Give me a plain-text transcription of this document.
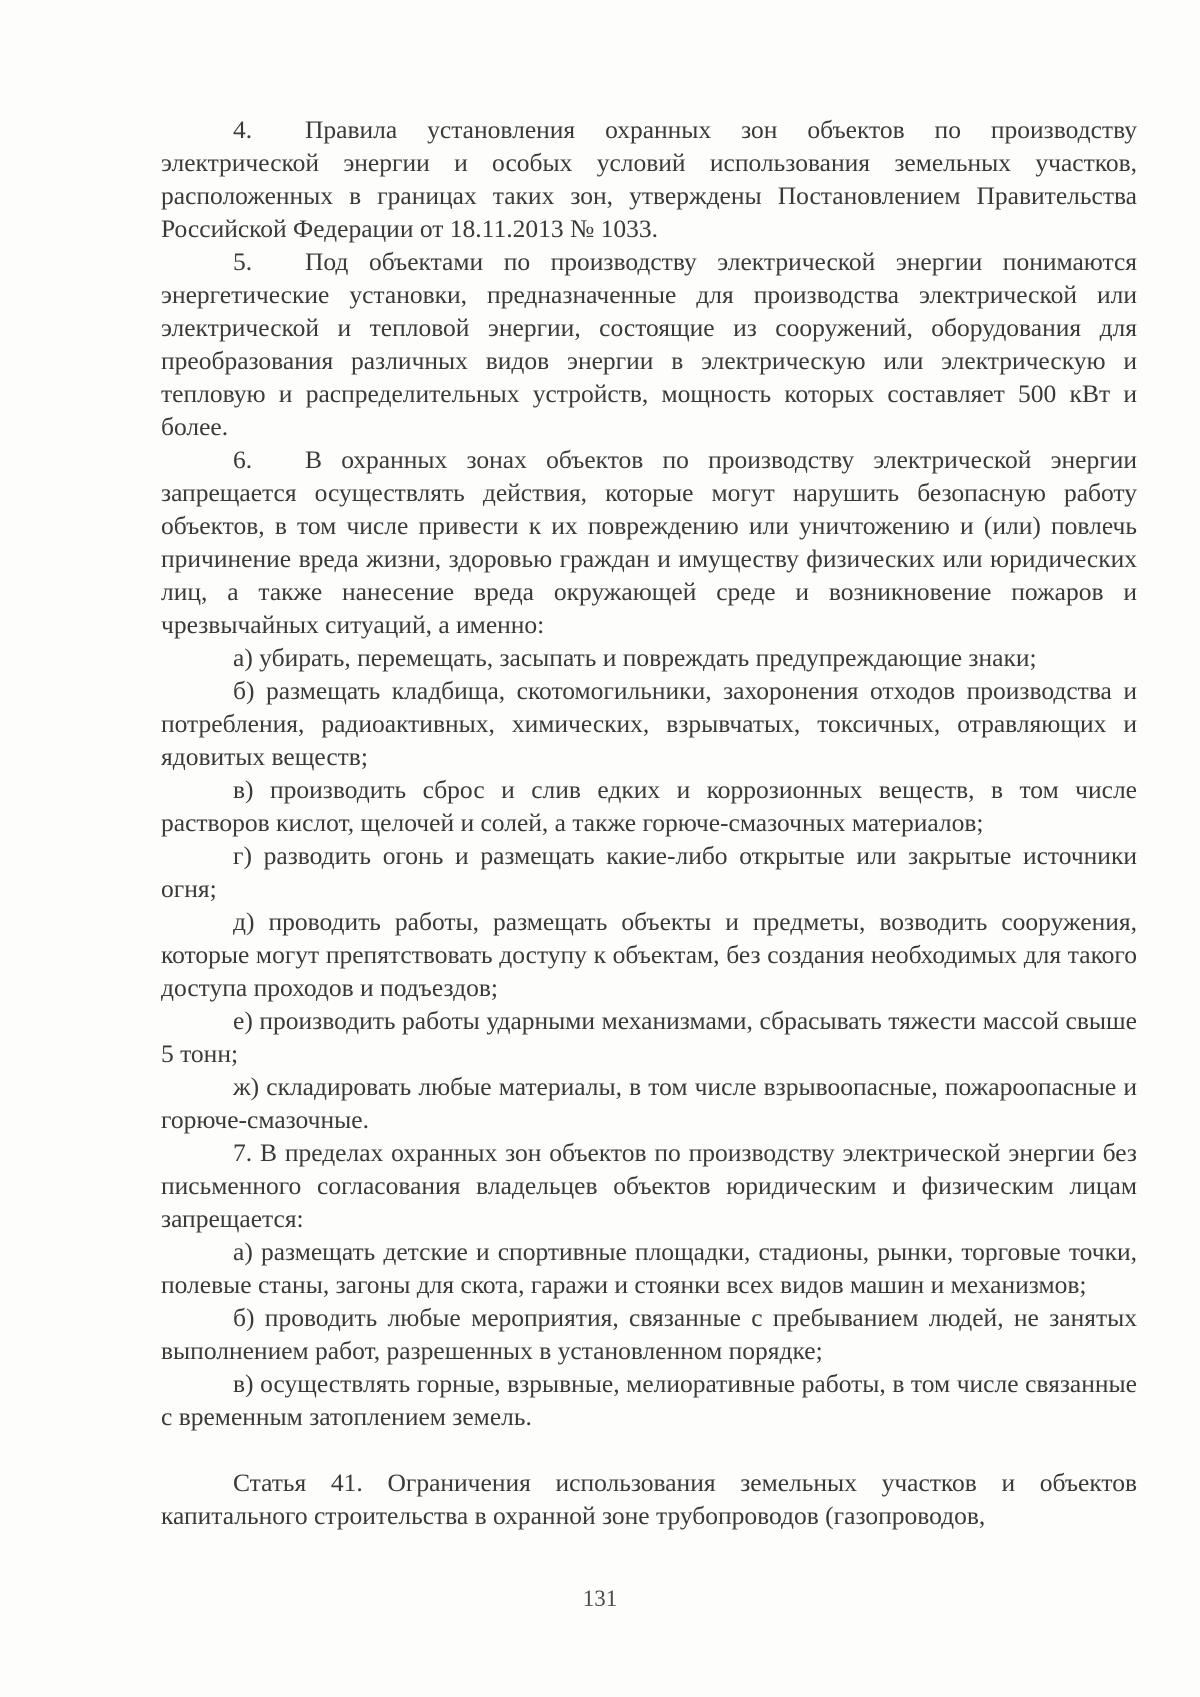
4. Правила установления охранных зон объектов по производству электрической энергии и особых условий использования земельных участков, расположенных в границах таких зон, утверждены Постановлением Правительства Российской Федерации от 18.11.2013 № 1033.

5. Под объектами по производству электрической энергии понимаются энергетические установки, предназначенные для производства электрической или электрической и тепловой энергии, состоящие из сооружений, оборудования для преобразования различных видов энергии в электрическую или электрическую и тепловую и распределительных устройств, мощность которых составляет 500 кВт и более.

6. В охранных зонах объектов по производству электрической энергии запрещается осуществлять действия, которые могут нарушить безопасную работу объектов, в том числе привести к их повреждению или уничтожению и (или) повлечь причинение вреда жизни, здоровью граждан и имуществу физических или юридических лиц, а также нанесение вреда окружающей среде и возникновение пожаров и чрезвычайных ситуаций, а именно:

а) убирать, перемещать, засыпать и повреждать предупреждающие знаки;

б) размещать кладбища, скотомогильники, захоронения отходов производства и потребления, радиоактивных, химических, взрывчатых, токсичных, отравляющих и ядовитых веществ;

в) производить сброс и слив едких и коррозионных веществ, в том числе растворов кислот, щелочей и солей, а также горюче-смазочных материалов;

г) разводить огонь и размещать какие-либо открытые или закрытые источники огня;

д) проводить работы, размещать объекты и предметы, возводить сооружения, которые могут препятствовать доступу к объектам, без создания необходимых для такого доступа проходов и подъездов;

е) производить работы ударными механизмами, сбрасывать тяжести массой свыше 5 тонн;

ж) складировать любые материалы, в том числе взрывоопасные, пожароопасные и горюче-смазочные.

7. В пределах охранных зон объектов по производству электрической энергии без письменного согласования владельцев объектов юридическим и физическим лицам запрещается:

а) размещать детские и спортивные площадки, стадионы, рынки, торговые точки, полевые станы, загоны для скота, гаражи и стоянки всех видов машин и механизмов;

б) проводить любые мероприятия, связанные с пребыванием людей, не занятых выполнением работ, разрешенных в установленном порядке;

в) осуществлять горные, взрывные, мелиоративные работы, в том числе связанные с временным затоплением земель.

Статья 41. Ограничения использования земельных участков и объектов капитального строительства в охранной зоне трубопроводов (газопроводов,

131
